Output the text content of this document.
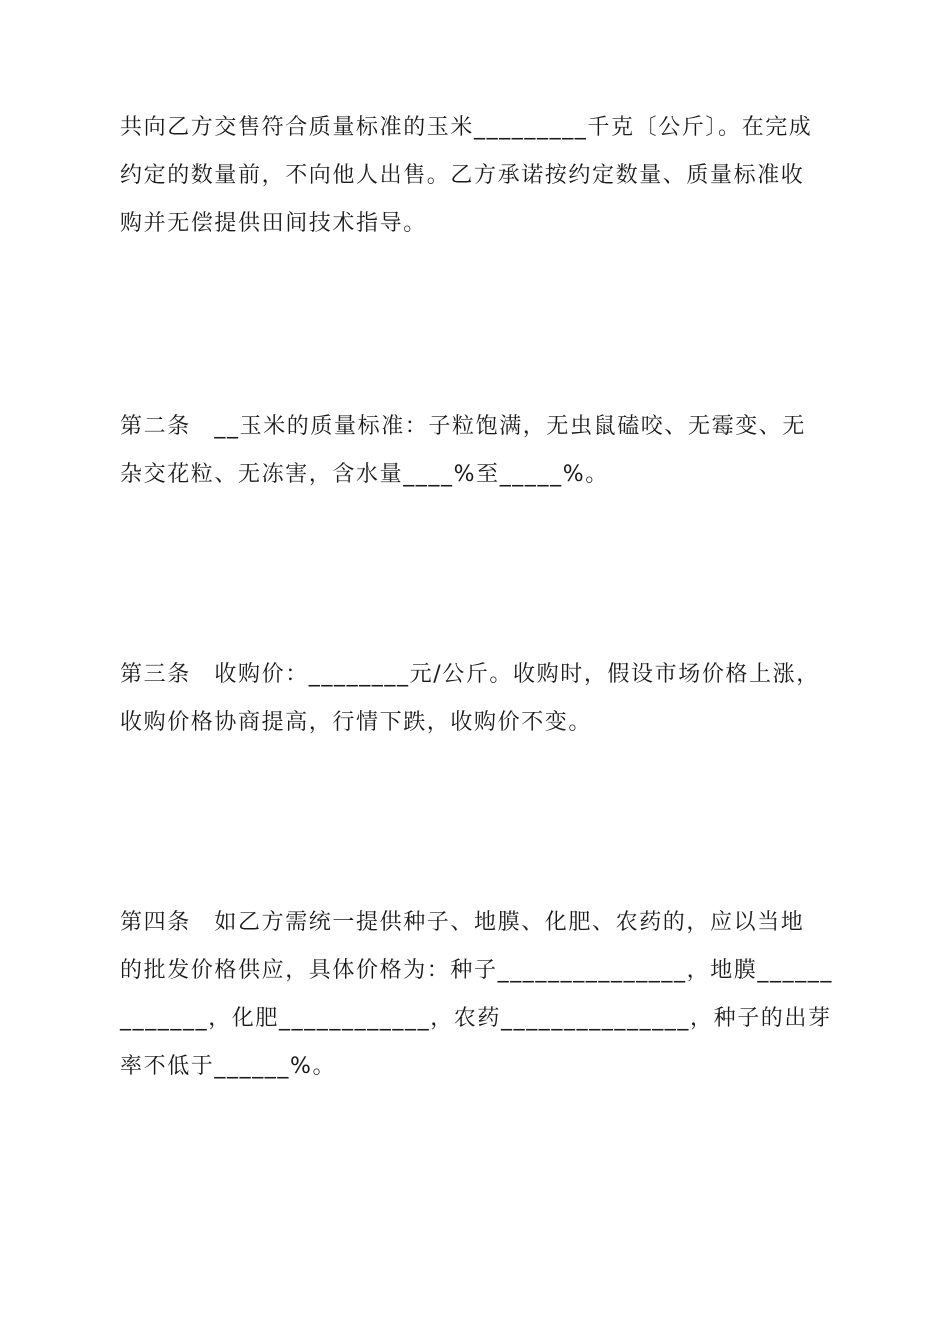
共向乙方交售符合质量标准的玉米_________千克〔公斤〕。在完成
约定的数量前，不向他人出售。乙方承诺按约定数量、质量标准收
购并无偿提供田间技术指导。
第二条　__玉米的质量标准：子粒饱满，无虫鼠磕咬、无霉变、无
杂交花粒、无冻害，含水量____%至_____%。
第三条　收购价：________元/公斤。收购时，假设市场价格上涨，
收购价格协商提高，行情下跌，收购价不变。
第四条　如乙方需统一提供种子、地膜、化肥、农药的，应以当地
的批发价格供应，具体价格为：种子_______________，地膜______
_______，化肥____________，农药_______________，种子的出芽
率不低于______%。
